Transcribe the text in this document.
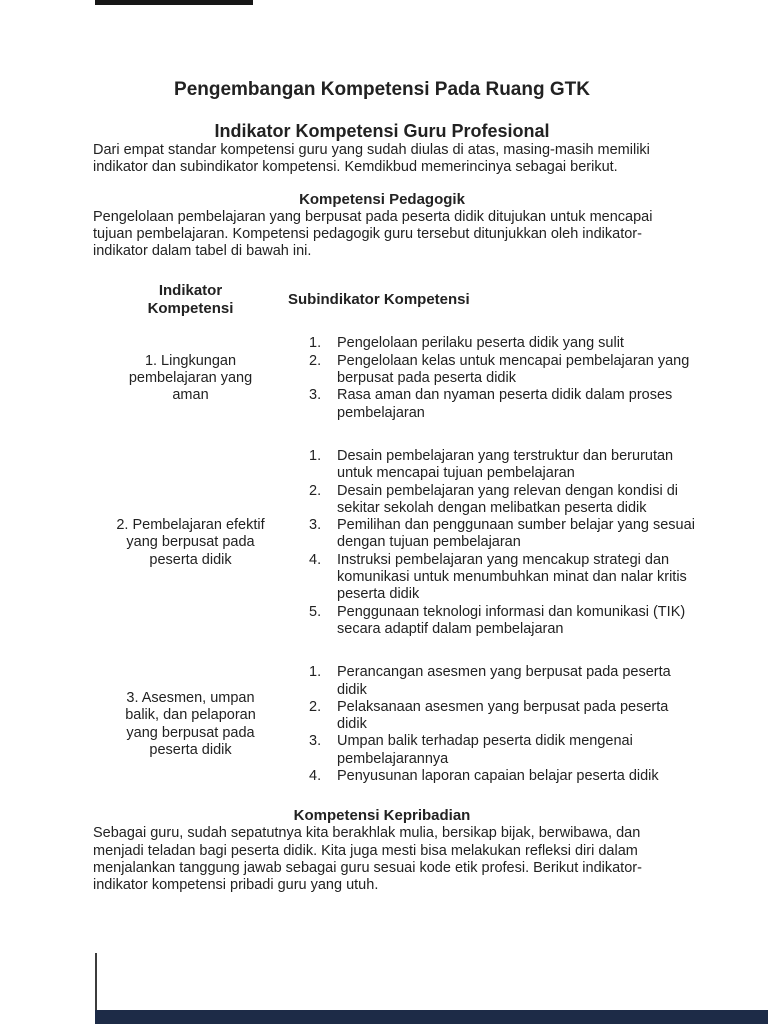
Pengembangan Kompetensi Pada Ruang GTK
Indikator Kompetensi Guru Profesional

Dari empat standar kompetensi guru yang sudah diulas di atas, masing-masih memiliki indikator dan subindikator kompetensi. Kemdikbud memerincinya sebagai berikut.

Kompetensi Pedagogik

Pengelolaan pembelajaran yang berpusat pada peserta didik ditujukan untuk mencapai tujuan pembelajaran. Kompetensi pedagogik guru tersebut ditunjukkan oleh indikator-indikator dalam tabel di bawah ini.

Indikator Kompetensi
Subindikator Kompetensi
1. Lingkungan pembelajaran yang aman
Pengelolaan perilaku peserta didik yang sulit
Pengelolaan kelas untuk mencapai pembelajaran yang berpusat pada peserta didik
Rasa aman dan nyaman peserta didik dalam proses pembelajaran
2. Pembelajaran efektif yang berpusat pada peserta didik
Desain pembelajaran yang terstruktur dan berurutan untuk mencapai tujuan pembelajaran
Desain pembelajaran yang relevan dengan kondisi di sekitar sekolah dengan melibatkan peserta didik
Pemilihan dan penggunaan sumber belajar yang sesuai dengan tujuan pembelajaran
Instruksi pembelajaran yang mencakup strategi dan komunikasi untuk menumbuhkan minat dan nalar kritis peserta didik
Penggunaan teknologi informasi dan komunikasi (TIK) secara adaptif dalam pembelajaran
3. Asesmen, umpan balik, dan pelaporan yang berpusat pada peserta didik
Perancangan asesmen yang berpusat pada peserta didik
Pelaksanaan asesmen yang berpusat pada peserta didik
Umpan balik terhadap peserta didik mengenai pembelajarannya
Penyusunan laporan capaian belajar peserta didik
Kompetensi Kepribadian

Sebagai guru, sudah sepatutnya kita berakhlak mulia, bersikap bijak, berwibawa, dan menjadi teladan bagi peserta didik. Kita juga mesti bisa melakukan refleksi diri dalam menjalankan tanggung jawab sebagai guru sesuai kode etik profesi. Berikut indikator-indikator kompetensi pribadi guru yang utuh.
